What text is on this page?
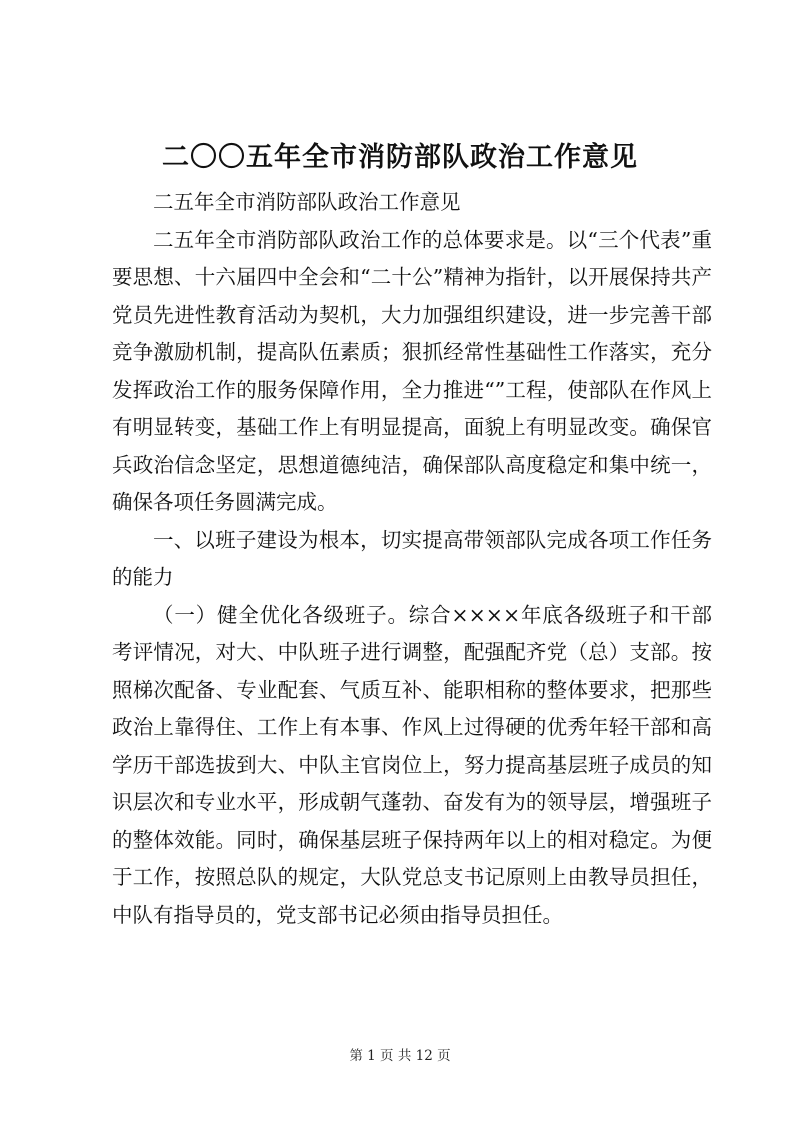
二〇〇五年全市消防部队政治工作意见

二五年全市消防部队政治工作意见

二五年全市消防部队政治工作的总体要求是。以“三个代表”重要思想、十六届四中全会和“二十公”精神为指针，以开展保持共产党员先进性教育活动为契机，大力加强组织建设，进一步完善干部竞争激励机制，提高队伍素质；狠抓经常性基础性工作落实，充分发挥政治工作的服务保障作用，全力推进“”工程，使部队在作风上有明显转变，基础工作上有明显提高，面貌上有明显改变。确保官兵政治信念坚定，思想道德纯洁，确保部队高度稳定和集中统一，确保各项任务圆满完成。

一、以班子建设为根本，切实提高带领部队完成各项工作任务的能力

（一）健全优化各级班子。综合××××年底各级班子和干部考评情况，对大、中队班子进行调整，配强配齐党（总）支部。按照梯次配备、专业配套、气质互补、能职相称的整体要求，把那些政治上靠得住、工作上有本事、作风上过得硬的优秀年轻干部和高学历干部选拔到大、中队主官岗位上，努力提高基层班子成员的知识层次和专业水平，形成朝气蓬勃、奋发有为的领导层，增强班子的整体效能。同时，确保基层班子保持两年以上的相对稳定。为便于工作，按照总队的规定，大队党总支书记原则上由教导员担任，中队有指导员的，党支部书记必须由指导员担任。

第 1 页 共 12 页
